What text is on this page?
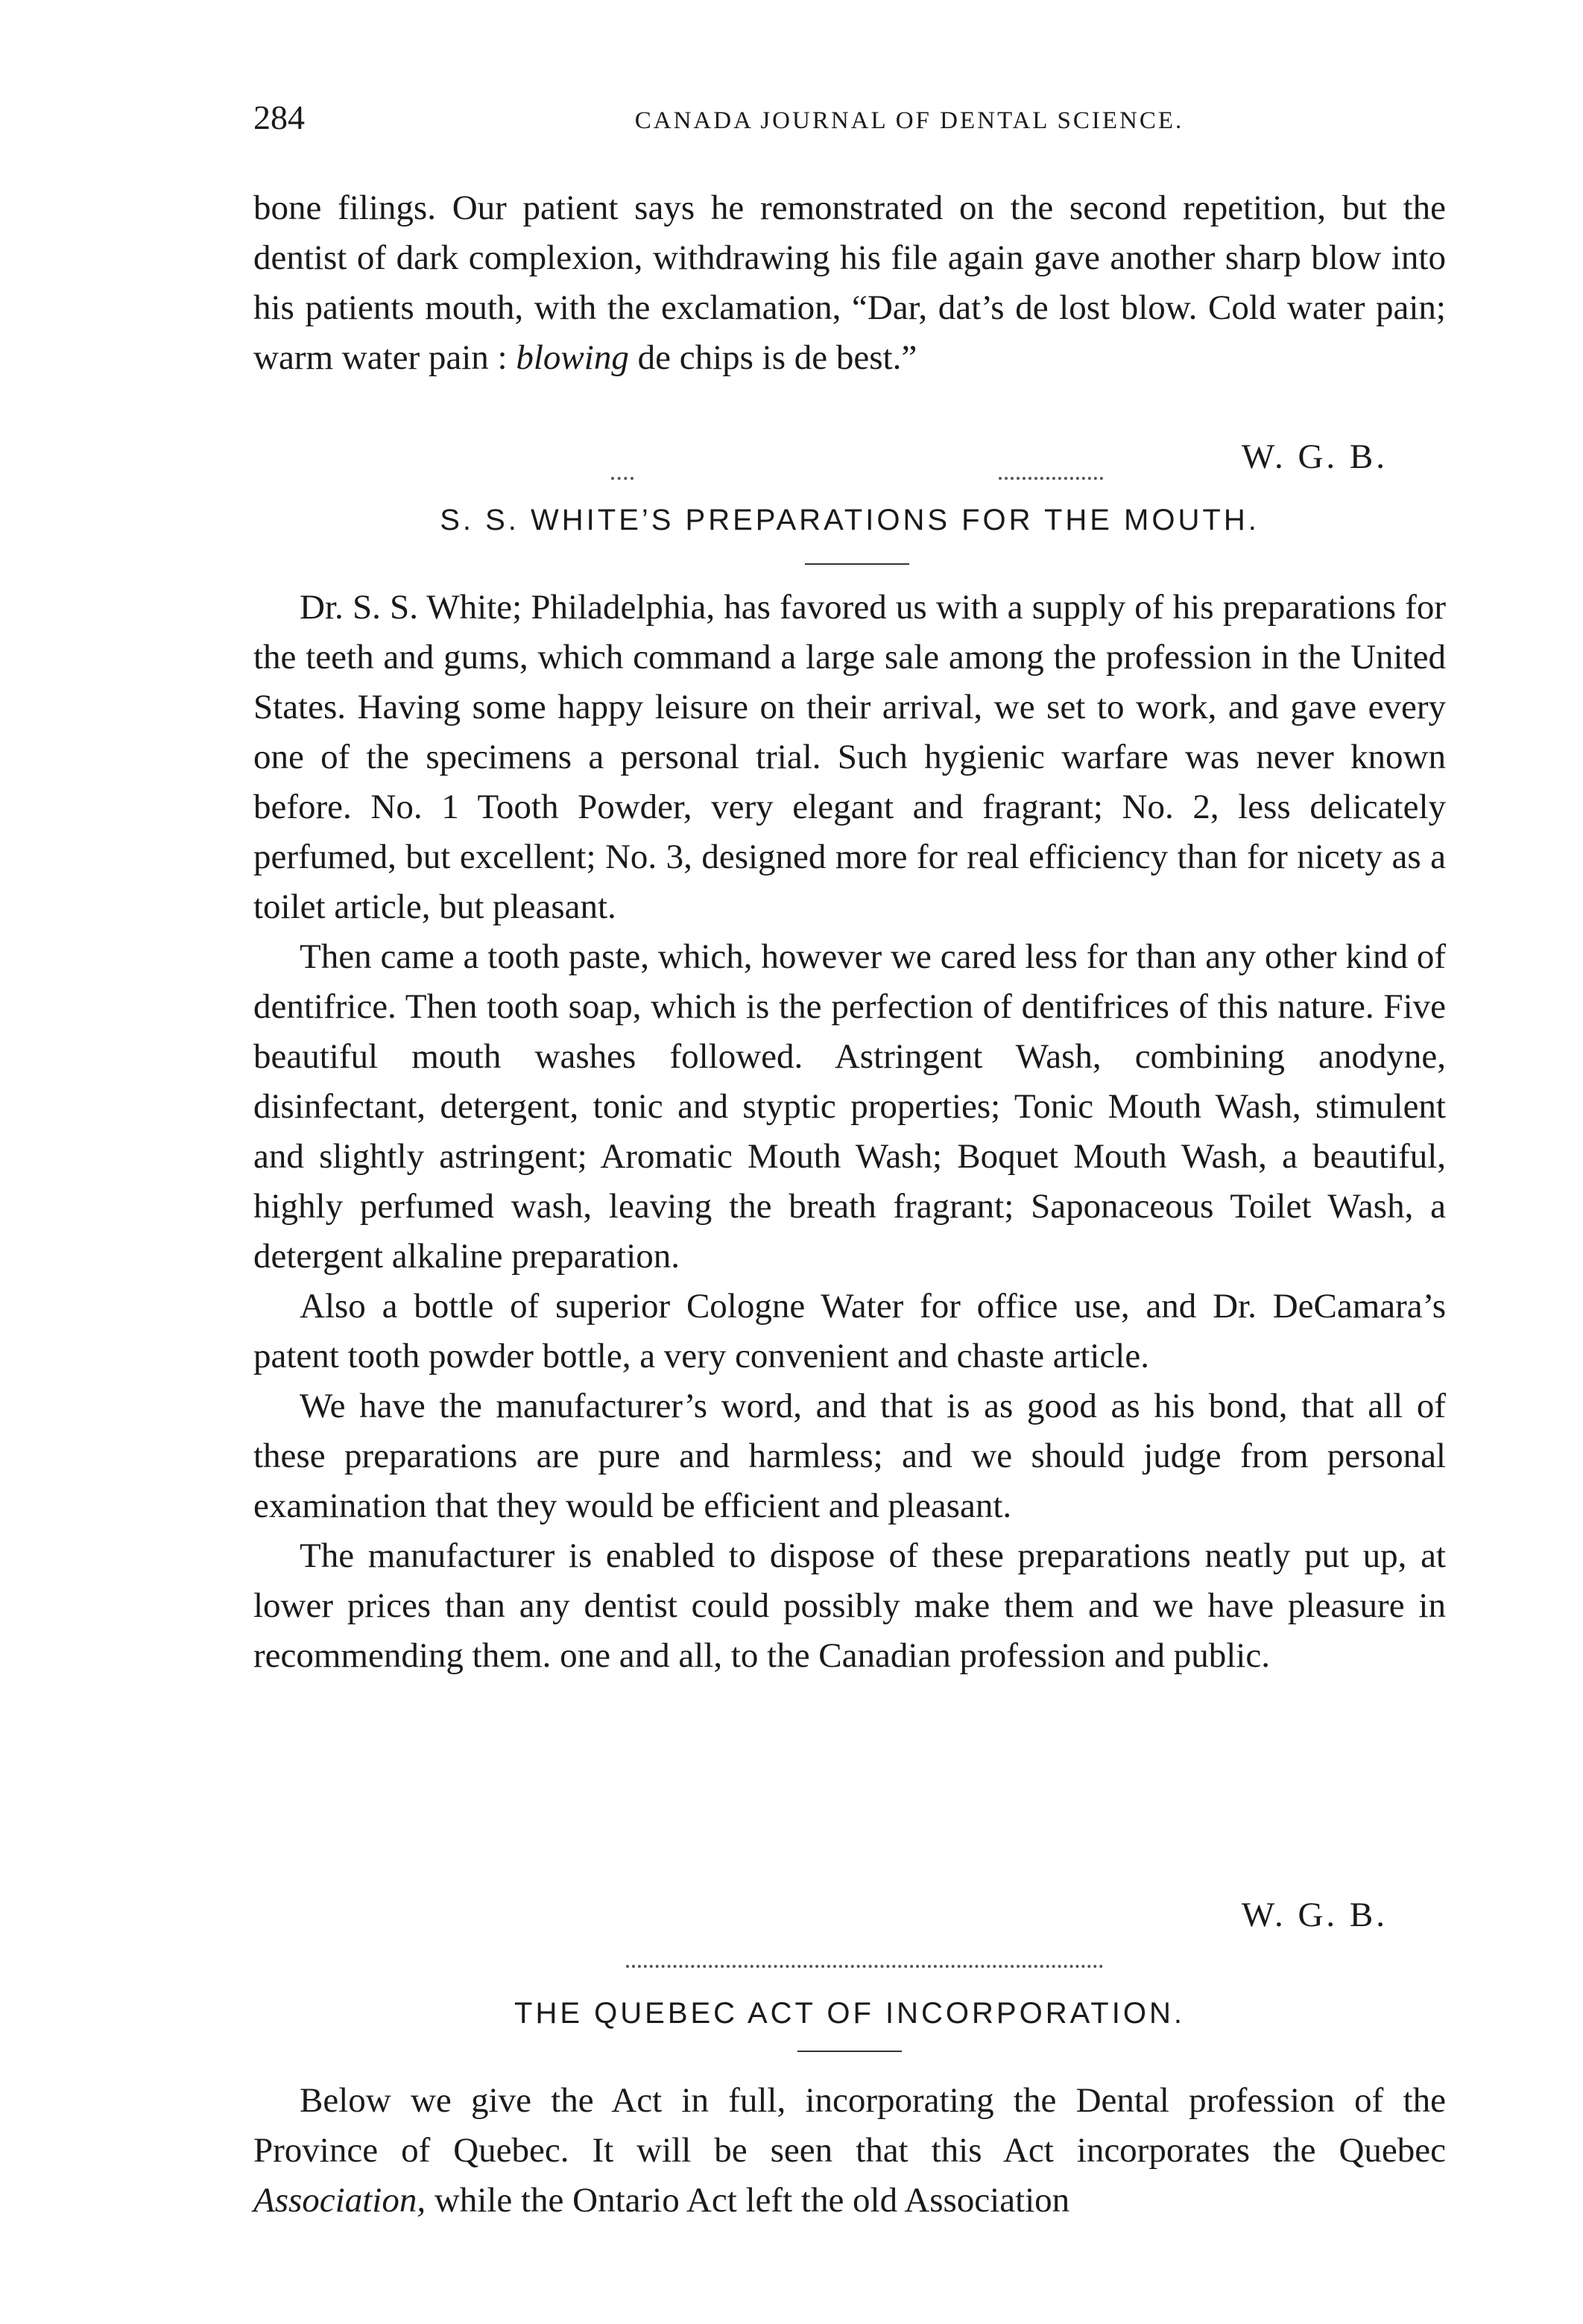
284	CANADA JOURNAL OF DENTAL SCIENCE.

bone filings. Our patient says he remonstrated on the second repetition, but the dentist of dark complexion, withdrawing his file again gave another sharp blow into his patients mouth, with the exclamation, “Dar, dat’s de lost blow. Cold water pain; warm water pain : blowing de chips is de best.”

W. G. B.
S. S. WHITE’S PREPARATIONS FOR THE MOUTH.

Dr. S. S. White; Philadelphia, has favored us with a supply of his preparations for the teeth and gums, which command a large sale among the profession in the United States. Having some happy leisure on their arrival, we set to work, and gave every one of the specimens a personal trial. Such hygienic warfare was never known before. No. 1 Tooth Powder, very elegant and fragrant; No. 2, less delicately perfumed, but excellent; No. 3, designed more for real efficiency than for nicety as a toilet article, but pleasant.

Then came a tooth paste, which, however we cared less for than any other kind of dentifrice. Then tooth soap, which is the perfection of dentifrices of this nature. Five beautiful mouth washes followed. Astringent Wash, combining anodyne, disinfectant, detergent, tonic and styptic properties; Tonic Mouth Wash, stimulent and slightly astringent; Aromatic Mouth Wash; Boquet Mouth Wash, a beautiful, highly perfumed wash, leaving the breath fragrant; Saponaceous Toilet Wash, a detergent alkaline preparation.

Also a bottle of superior Cologne Water for office use, and Dr. DeCamara’s patent tooth powder bottle, a very convenient and chaste article.

We have the manufacturer’s word, and that is as good as his bond, that all of these preparations are pure and harmless; and we should judge from personal examination that they would be efficient and pleasant.

The manufacturer is enabled to dispose of these preparations neatly put up, at lower prices than any dentist could possibly make them and we have pleasure in recommending them. one and all, to the Canadian profession and public.

W. G. B.
THE QUEBEC ACT OF INCORPORATION.

Below we give the Act in full, incorporating the Dental profession of the Province of Quebec. It will be seen that this Act incorporates the Quebec Association, while the Ontario Act left the old Association
